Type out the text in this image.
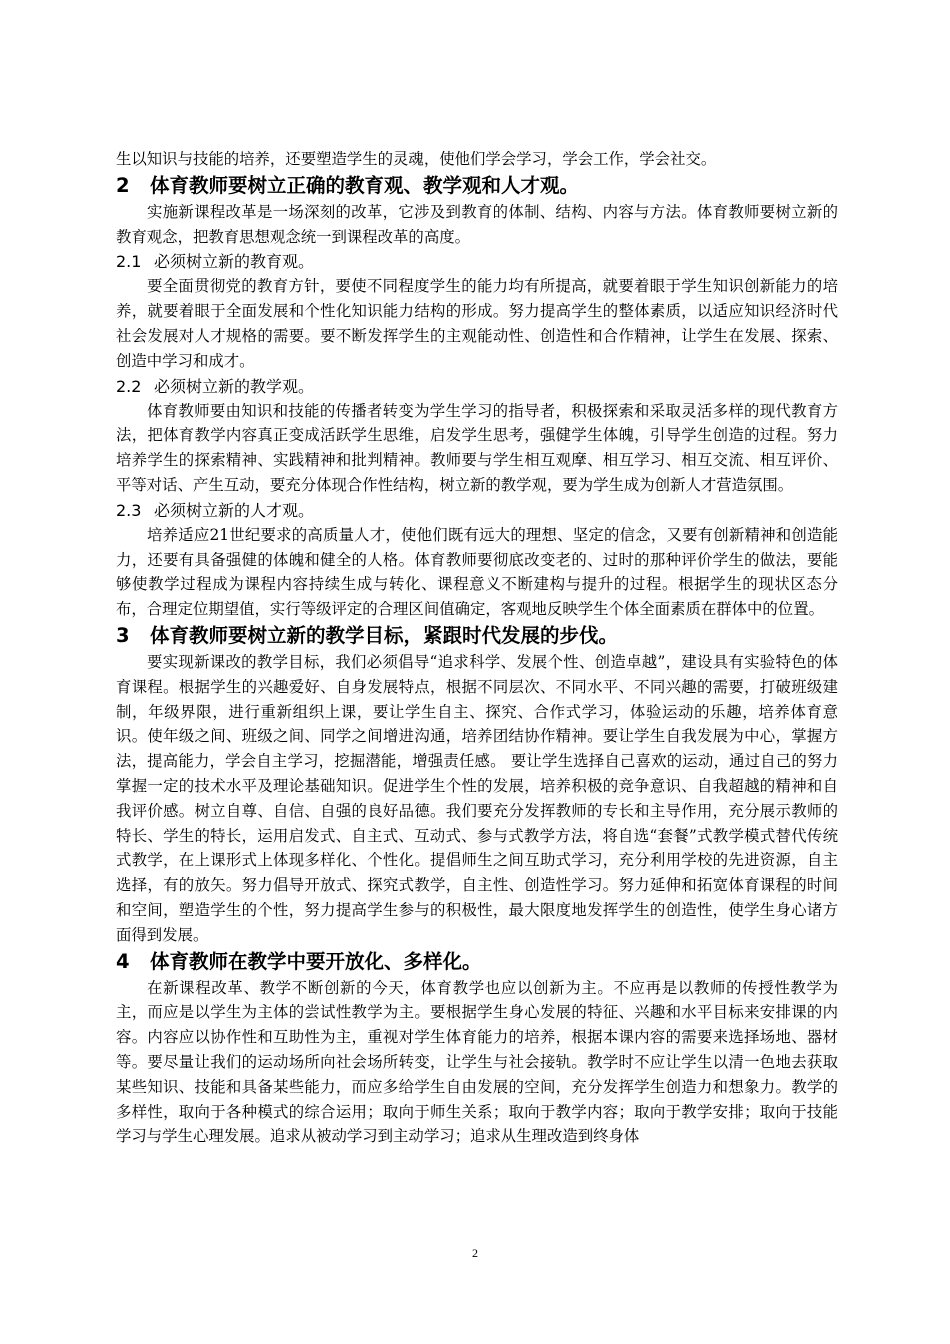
生以知识与技能的培养，还要塑造学生的灵魂，使他们学会学习，学会工作，学会社交。

2 体育教师要树立正确的教育观、教学观和人才观。

实施新课程改革是一场深刻的改革，它涉及到教育的体制、结构、内容与方法。体育教师要树立新的教育观念，把教育思想观念统一到课程改革的高度。

2.1 必须树立新的教育观。

要全面贯彻党的教育方针，要使不同程度学生的能力均有所提高，就要着眼于学生知识创新能力的培养，就要着眼于全面发展和个性化知识能力结构的形成。努力提高学生的整体素质，以适应知识经济时代社会发展对人才规格的需要。要不断发挥学生的主观能动性、创造性和合作精神，让学生在发展、探索、创造中学习和成才。

2.2 必须树立新的教学观。

体育教师要由知识和技能的传播者转变为学生学习的指导者，积极探索和采取灵活多样的现代教育方法，把体育教学内容真正变成活跃学生思维，启发学生思考，强健学生体魄，引导学生创造的过程。努力培养学生的探索精神、实践精神和批判精神。教师要与学生相互观摩、相互学习、相互交流、相互评价、平等对话、产生互动，要充分体现合作性结构，树立新的教学观，要为学生成为创新人才营造氛围。

2.3 必须树立新的人才观。

培养适应21世纪要求的高质量人才，使他们既有远大的理想、坚定的信念，又要有创新精神和创造能力，还要有具备强健的体魄和健全的人格。体育教师要彻底改变老的、过时的那种评价学生的做法，要能够使教学过程成为课程内容持续生成与转化、课程意义不断建构与提升的过程。根据学生的现状区态分布，合理定位期望值，实行等级评定的合理区间值确定，客观地反映学生个体全面素质在群体中的位置。

3 体育教师要树立新的教学目标，紧跟时代发展的步伐。

要实现新课改的教学目标，我们必须倡导“追求科学、发展个性、创造卓越”，建设具有实验特色的体育课程。根据学生的兴趣爱好、自身发展特点，根据不同层次、不同水平、不同兴趣的需要，打破班级建制，年级界限，进行重新组织上课，要让学生自主、探究、合作式学习，体验运动的乐趣，培养体育意识。使年级之间、班级之间、同学之间增进沟通，培养团结协作精神。要让学生自我发展为中心，掌握方法，提高能力，学会自主学习，挖掘潜能，增强责任感。 要让学生选择自己喜欢的运动，通过自己的努力掌握一定的技术水平及理论基础知识。促进学生个性的发展，培养积极的竞争意识、自我超越的精神和自我评价感。树立自尊、自信、自强的良好品德。我们要充分发挥教师的专长和主导作用，充分展示教师的特长、学生的特长，运用启发式、自主式、互动式、参与式教学方法，将自选“套餐”式教学模式替代传统式教学，在上课形式上体现多样化、个性化。提倡师生之间互助式学习，充分利用学校的先进资源，自主选择，有的放矢。努力倡导开放式、探究式教学，自主性、创造性学习。努力延伸和拓宽体育课程的时间和空间，塑造学生的个性，努力提高学生参与的积极性，最大限度地发挥学生的创造性，使学生身心诸方面得到发展。

4 体育教师在教学中要开放化、多样化。

在新课程改革、教学不断创新的今天，体育教学也应以创新为主。不应再是以教师的传授性教学为主，而应是以学生为主体的尝试性教学为主。要根据学生身心发展的特征、兴趣和水平目标来安排课的内容。内容应以协作性和互助性为主，重视对学生体育能力的培养，根据本课内容的需要来选择场地、器材等。要尽量让我们的运动场所向社会场所转变，让学生与社会接轨。教学时不应让学生以清一色地去获取某些知识、技能和具备某些能力，而应多给学生自由发展的空间，充分发挥学生创造力和想象力。教学的多样性，取向于各种模式的综合运用；取向于师生关系；取向于教学内容；取向于教学安排；取向于技能学习与学生心理发展。追求从被动学习到主动学习；追求从生理改造到终身体

2
